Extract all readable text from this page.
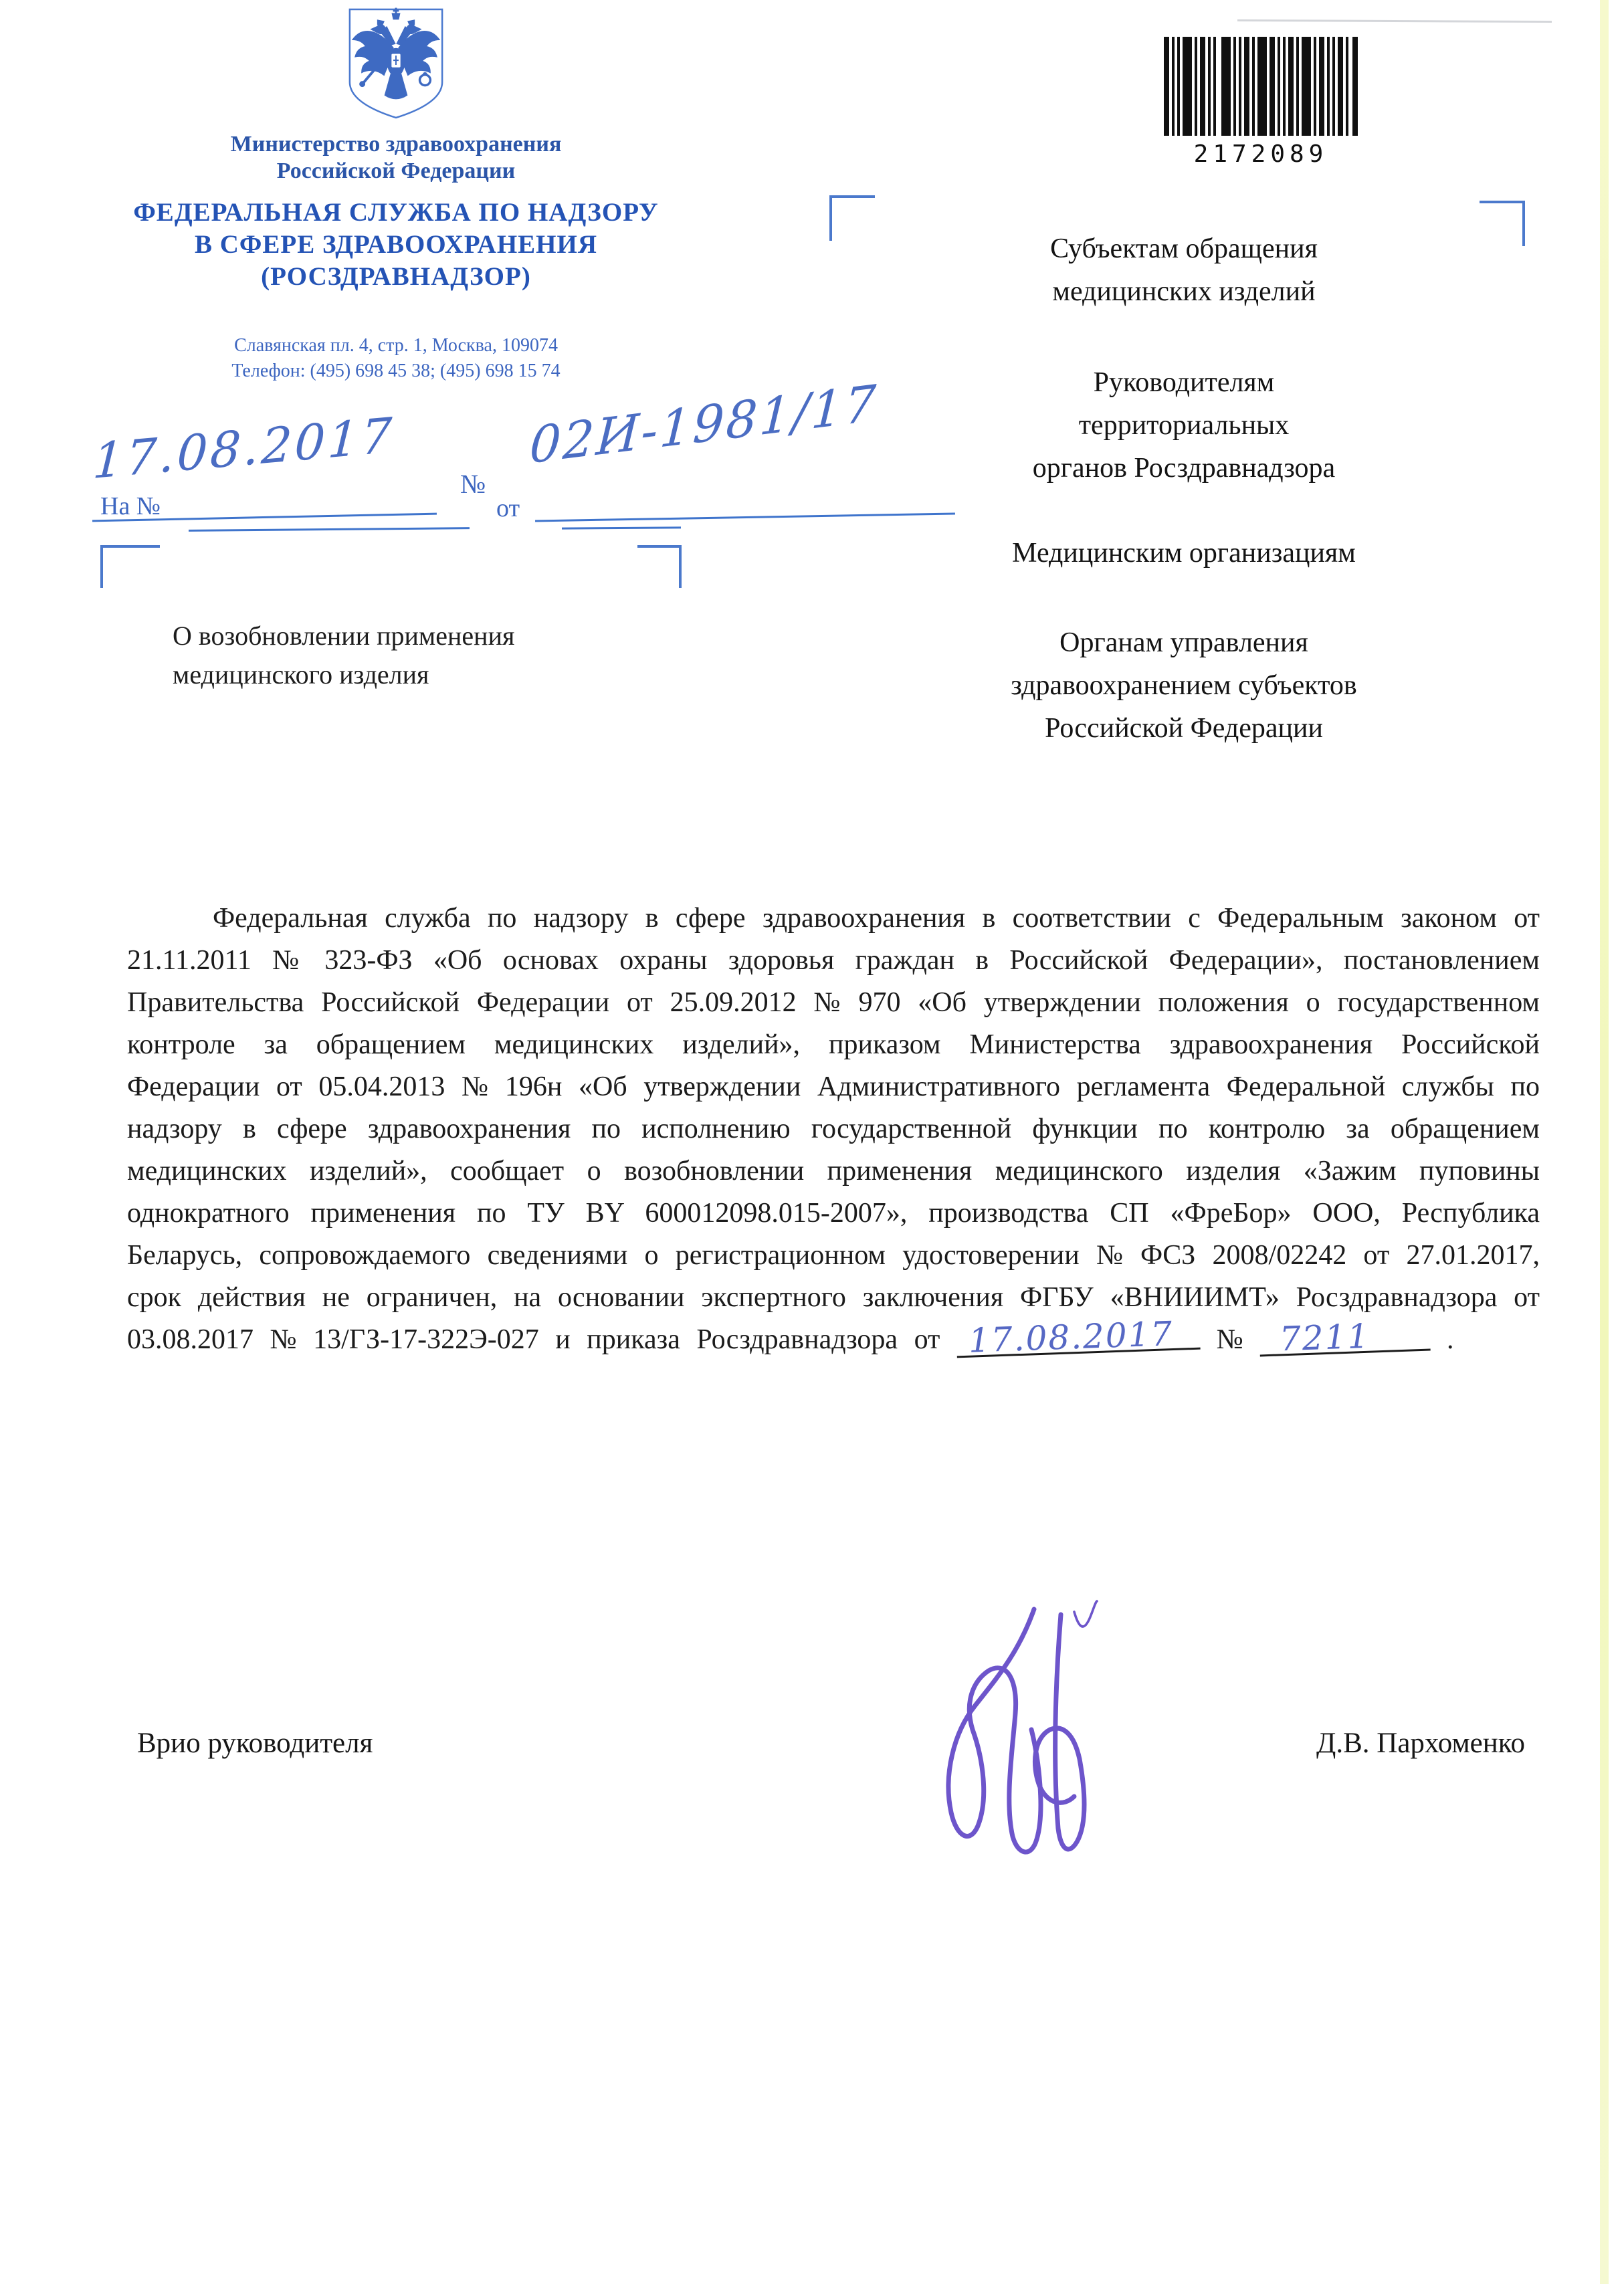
Министерство здравоохранения
Российской Федерации
ФЕДЕРАЛЬНАЯ СЛУЖБА ПО НАДЗОРУ
В СФЕРЕ ЗДРАВООХРАНЕНИЯ
(РОСЗДРАВНАДЗОР)
Славянская пл. 4, стр. 1, Москва, 109074
Телефон: (495) 698 45 38; (495) 698 15 74
2172089
17.08.2017 №
02И-1981/17
На №	от
О возобновлении применения
медицинского изделия
Субъектам обращения
медицинских изделий
Руководителям
территориальных
органов Росздравнадзора
Медицинским организациям
Органам управления
здравоохранением субъектов
Российской Федерации

Федеральная служба по надзору в сфере здравоохранения в соответствии с Федеральным законом от 21.11.2011 № 323-ФЗ «Об основах охраны здоровья граждан в Российской Федерации», постановлением Правительства Российской Федерации от 25.09.2012 № 970 «Об утверждении положения о государственном контроле за обращением медицинских изделий», приказом Министерства здравоохранения Российской Федерации от 05.04.2013 № 196н «Об утверждении Административного регламента Федеральной службы по надзору в сфере здравоохранения по исполнению государственной функции по контролю за обращением медицинских изделий», сообщает о возобновлении применения медицинского изделия «Зажим пуповины однократного применения по ТУ BY 600012098.015-2007», производства СП «ФреБор» ООО, Республика Беларусь, сопровождаемого сведениями о регистрационном удостоверении № ФСЗ 2008/02242 от 27.01.2017, срок действия не ограничен, на основании экспертного заключения ФГБУ «ВНИИИМТ» Росздравнадзора от 03.08.2017 № 13/ГЗ-17-322Э-027 и приказа Росздравнадзора от 17.08.2017 № 7211	.

Врио руководителя	Д.В. Пархоменко
